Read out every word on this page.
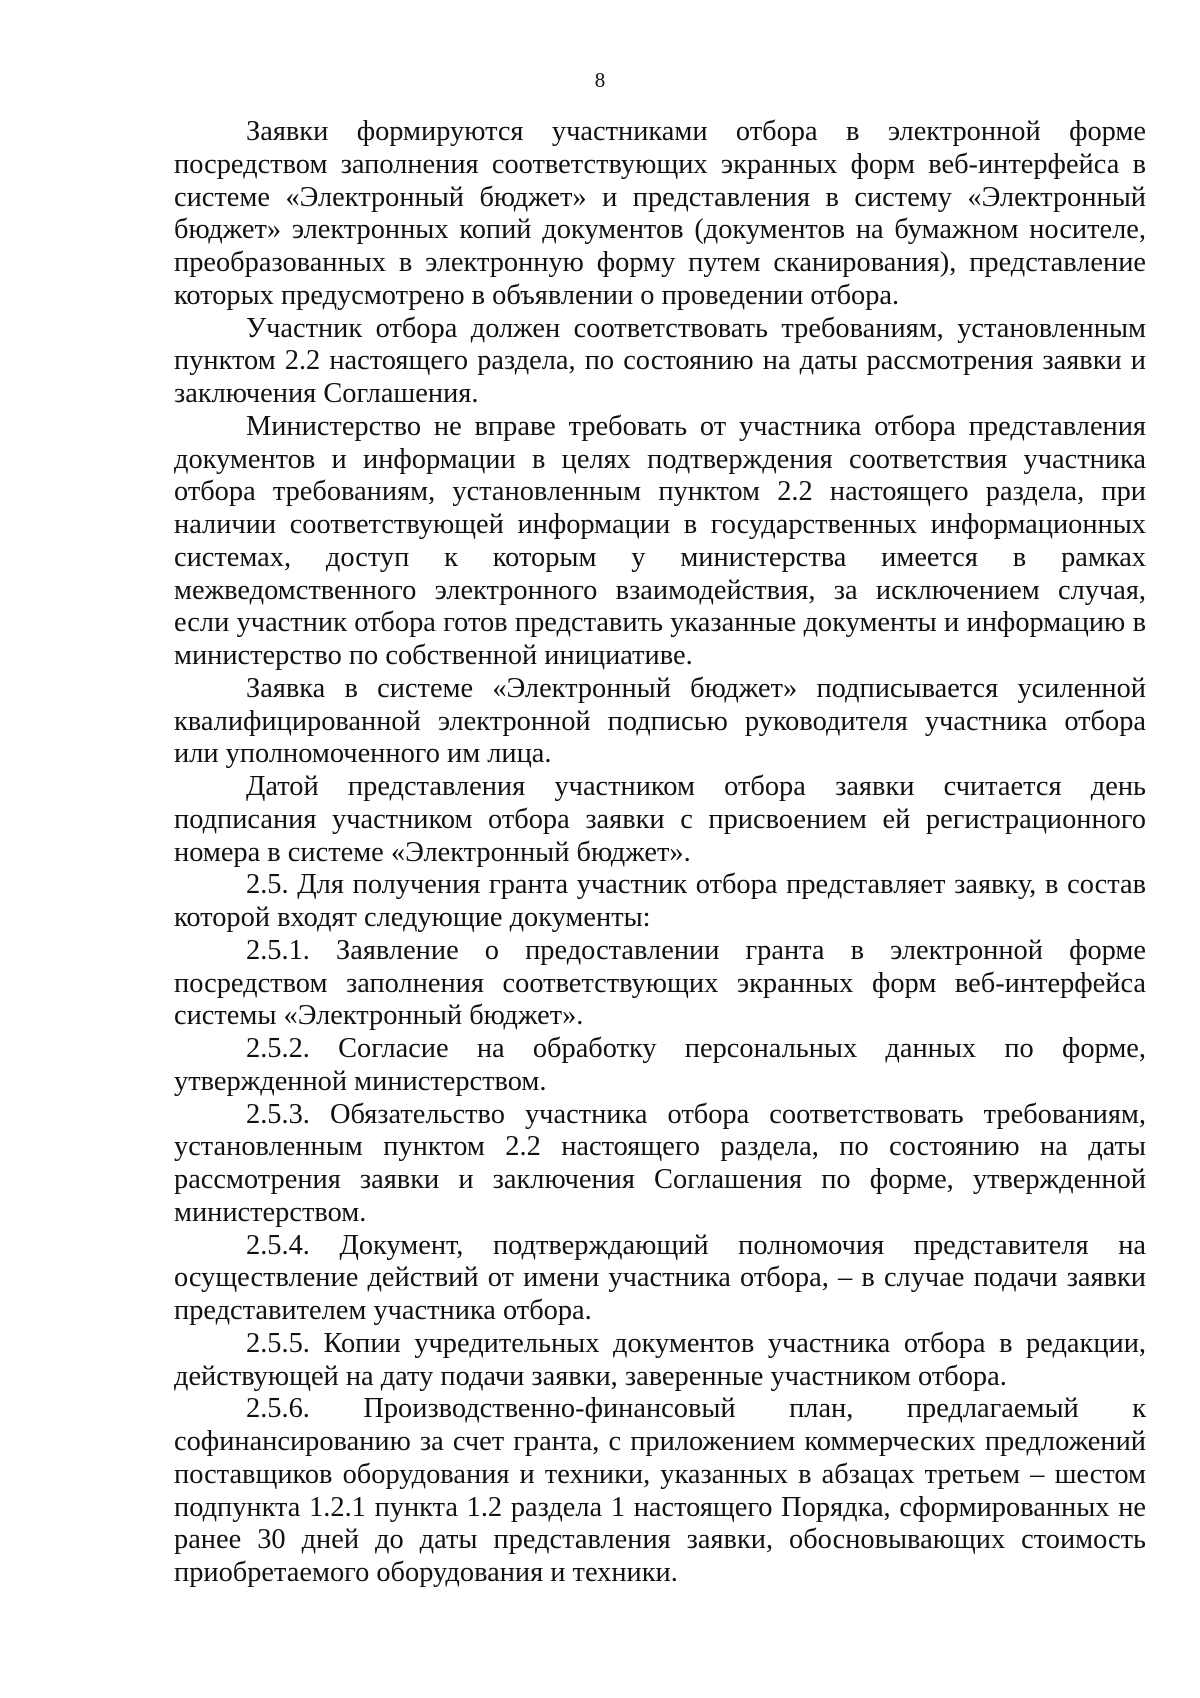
8

Заявки формируются участниками отбора в электронной форме посредством заполнения соответствующих экранных форм веб-интерфейса в системе «Электронный бюджет» и представления в систему «Электронный бюджет» электронных копий документов (документов на бумажном носителе, преобразованных в электронную форму путем сканирования), представление которых предусмотрено в объявлении о проведении отбора.

Участник отбора должен соответствовать требованиям, установленным пунктом 2.2 настоящего раздела, по состоянию на даты рассмотрения заявки и заключения Соглашения.

Министерство не вправе требовать от участника отбора представления документов и информации в целях подтверждения соответствия участника отбора требованиям, установленным пунктом 2.2 настоящего раздела, при наличии соответствующей информации в государственных информационных системах, доступ к которым у министерства имеется в рамках межведомственного электронного взаимодействия, за исключением случая, если участник отбора готов представить указанные документы и информацию в министерство по собственной инициативе.

Заявка в системе «Электронный бюджет» подписывается усиленной квалифицированной электронной подписью руководителя участника отбора или уполномоченного им лица.

Датой представления участником отбора заявки считается день подписания участником отбора заявки с присвоением ей регистрационного номера в системе «Электронный бюджет».

2.5. Для получения гранта участник отбора представляет заявку, в состав которой входят следующие документы:

2.5.1. Заявление о предоставлении гранта в электронной форме посредством заполнения соответствующих экранных форм веб-интерфейса системы «Электронный бюджет».

2.5.2. Согласие на обработку персональных данных по форме, утвержденной министерством.

2.5.3. Обязательство участника отбора соответствовать требованиям, установленным пунктом 2.2 настоящего раздела, по состоянию на даты рассмотрения заявки и заключения Соглашения по форме, утвержденной министерством.

2.5.4. Документ, подтверждающий полномочия представителя на осуществление действий от имени участника отбора, – в случае подачи заявки представителем участника отбора.

2.5.5. Копии учредительных документов участника отбора в редакции, действующей на дату подачи заявки, заверенные участником отбора.

2.5.6. Производственно-финансовый план, предлагаемый к софинансированию за счет гранта, с приложением коммерческих предложений поставщиков оборудования и техники, указанных в абзацах третьем – шестом подпункта 1.2.1 пункта 1.2 раздела 1 настоящего Порядка, сформированных не ранее 30 дней до даты представления заявки, обосновывающих стоимость приобретаемого оборудования и техники.
